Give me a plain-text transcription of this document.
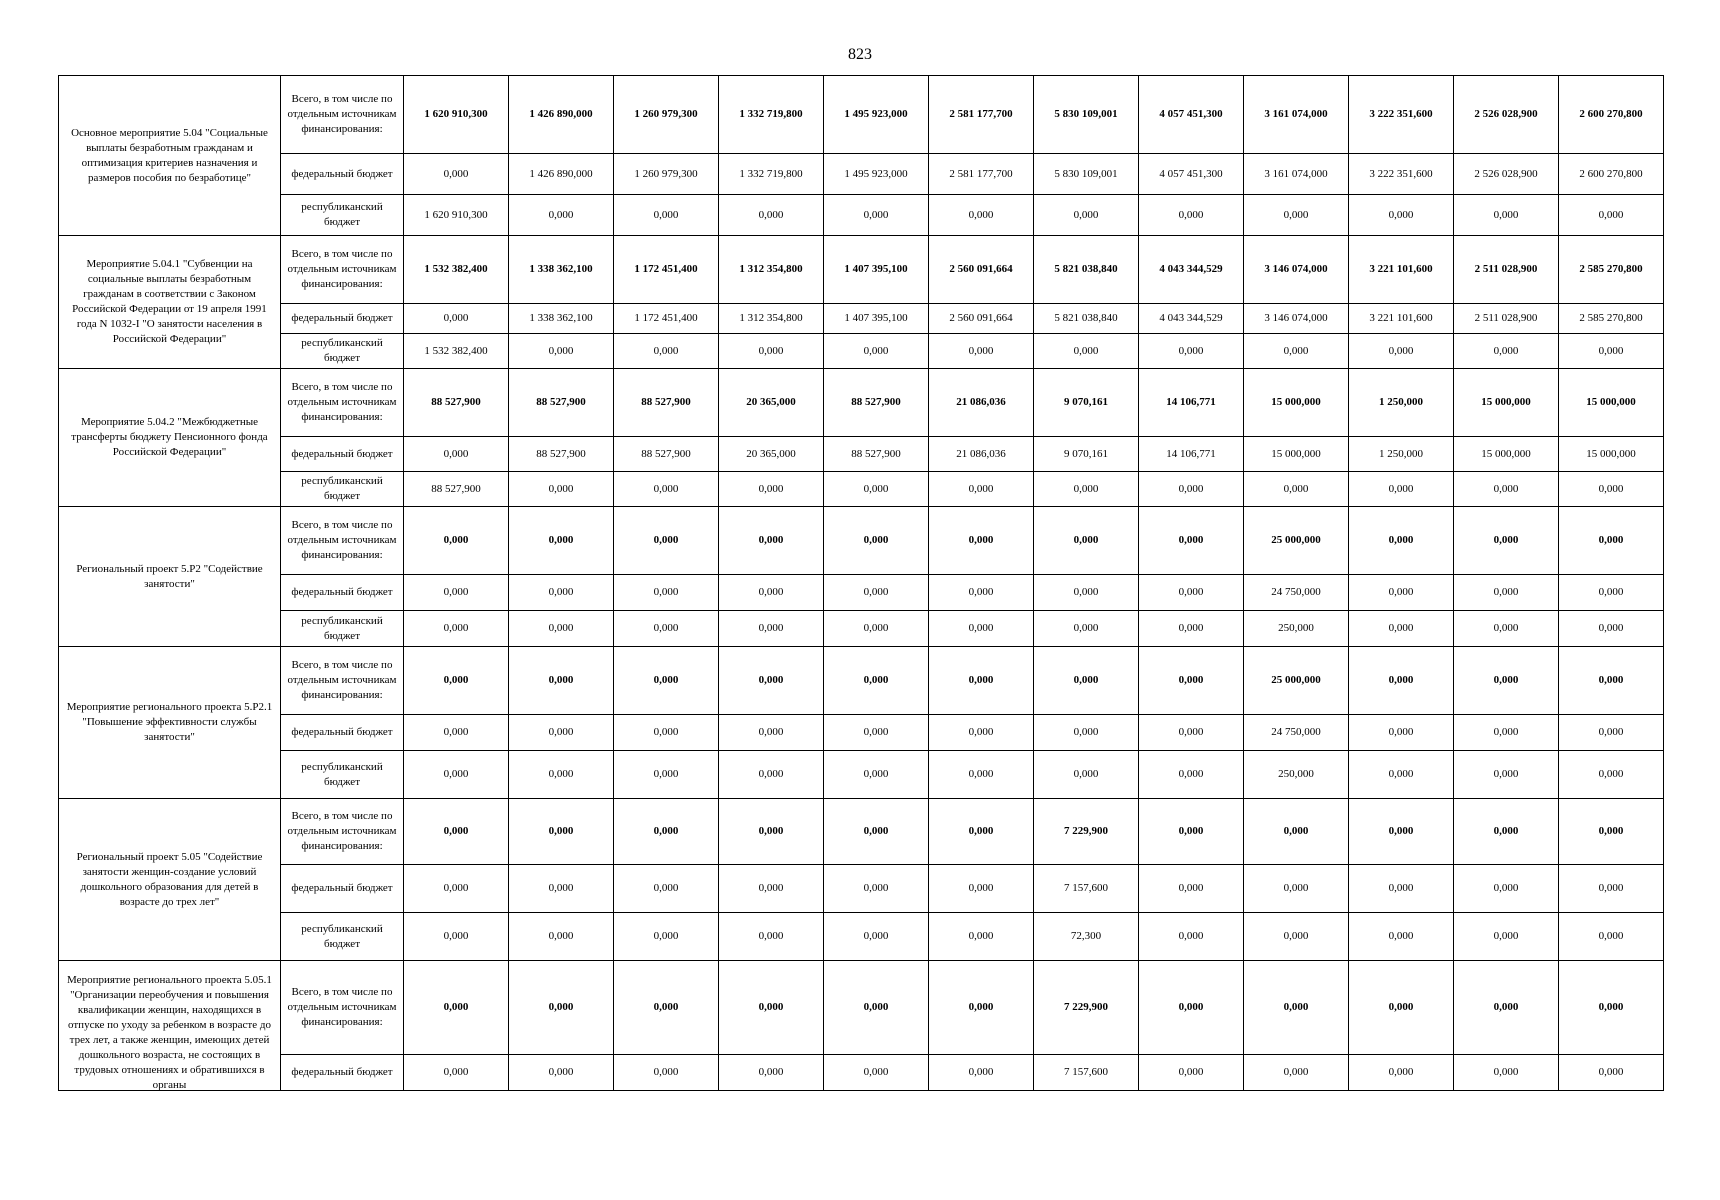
823
Основное мероприятие 5.04 "Социальные выплаты безработным гражданам и оптимизация критериев назначения и размеров пособия по безработице"	Всего, в том числе по отдельным источникам финансирования:	1 620 910,300	1 426 890,000	1 260 979,300	1 332 719,800	1 495 923,000	2 581 177,700	5 830 109,001	4 057 451,300	3 161 074,000	3 222 351,600	2 526 028,900	2 600 270,800
	федеральный бюджет	0,000	1 426 890,000	1 260 979,300	1 332 719,800	1 495 923,000	2 581 177,700	5 830 109,001	4 057 451,300	3 161 074,000	3 222 351,600	2 526 028,900	2 600 270,800
	республиканский бюджет	1 620 910,300	0,000	0,000	0,000	0,000	0,000	0,000	0,000	0,000	0,000	0,000	0,000
Мероприятие 5.04.1 "Субвенции на социальные выплаты безработным гражданам в соответствии с Законом Российской Федерации от 19 апреля 1991 года N 1032-I "О занятости населения в Российской Федерации"	Всего, в том числе по отдельным источникам финансирования:	1 532 382,400	1 338 362,100	1 172 451,400	1 312 354,800	1 407 395,100	2 560 091,664	5 821 038,840	4 043 344,529	3 146 074,000	3 221 101,600	2 511 028,900	2 585 270,800
	федеральный бюджет	0,000	1 338 362,100	1 172 451,400	1 312 354,800	1 407 395,100	2 560 091,664	5 821 038,840	4 043 344,529	3 146 074,000	3 221 101,600	2 511 028,900	2 585 270,800
	республиканский бюджет	1 532 382,400	0,000	0,000	0,000	0,000	0,000	0,000	0,000	0,000	0,000	0,000	0,000
Мероприятие 5.04.2 "Межбюджетные трансферты бюджету Пенсионного фонда Российской Федерации"	Всего, в том числе по отдельным источникам финансирования:	88 527,900	88 527,900	88 527,900	20 365,000	88 527,900	21 086,036	9 070,161	14 106,771	15 000,000	1 250,000	15 000,000	15 000,000
	федеральный бюджет	0,000	88 527,900	88 527,900	20 365,000	88 527,900	21 086,036	9 070,161	14 106,771	15 000,000	1 250,000	15 000,000	15 000,000
	республиканский бюджет	88 527,900	0,000	0,000	0,000	0,000	0,000	0,000	0,000	0,000	0,000	0,000	0,000
Региональный проект 5.P2 "Содействие занятости"	Всего, в том числе по отдельным источникам финансирования:	0,000	0,000	0,000	0,000	0,000	0,000	0,000	0,000	25 000,000	0,000	0,000	0,000
	федеральный бюджет	0,000	0,000	0,000	0,000	0,000	0,000	0,000	0,000	24 750,000	0,000	0,000	0,000
	республиканский бюджет	0,000	0,000	0,000	0,000	0,000	0,000	0,000	0,000	250,000	0,000	0,000	0,000
Мероприятие регионального проекта 5.P2.1 "Повышение эффективности службы занятости"	Всего, в том числе по отдельным источникам финансирования:	0,000	0,000	0,000	0,000	0,000	0,000	0,000	0,000	25 000,000	0,000	0,000	0,000
	федеральный бюджет	0,000	0,000	0,000	0,000	0,000	0,000	0,000	0,000	24 750,000	0,000	0,000	0,000
	республиканский бюджет	0,000	0,000	0,000	0,000	0,000	0,000	0,000	0,000	250,000	0,000	0,000	0,000
Региональный проект 5.05 "Содействие занятости женщин-создание условий дошкольного образования для детей в возрасте до трех лет"	Всего, в том числе по отдельным источникам финансирования:	0,000	0,000	0,000	0,000	0,000	0,000	7 229,900	0,000	0,000	0,000	0,000	0,000
	федеральный бюджет	0,000	0,000	0,000	0,000	0,000	0,000	7 157,600	0,000	0,000	0,000	0,000	0,000
	республиканский бюджет	0,000	0,000	0,000	0,000	0,000	0,000	72,300	0,000	0,000	0,000	0,000	0,000

Мероприятие регионального проекта 5.05.1 "Организации переобучения и повышения квалификации женщин, находящихся в отпуске по уходу за ребенком в возрасте до трех лет, а также женщин, имеющих детей дошкольного возраста, не состоящих в трудовых отношениях и обратившихся в органы	Всего, в том числе по отдельным источникам финансирования:	0,000	0,000	0,000	0,000	0,000	0,000	7 229,900	0,000	0,000	0,000	0,000	0,000
	федеральный бюджет	0,000	0,000	0,000	0,000	0,000	0,000	7 157,600	0,000	0,000	0,000	0,000	0,000
